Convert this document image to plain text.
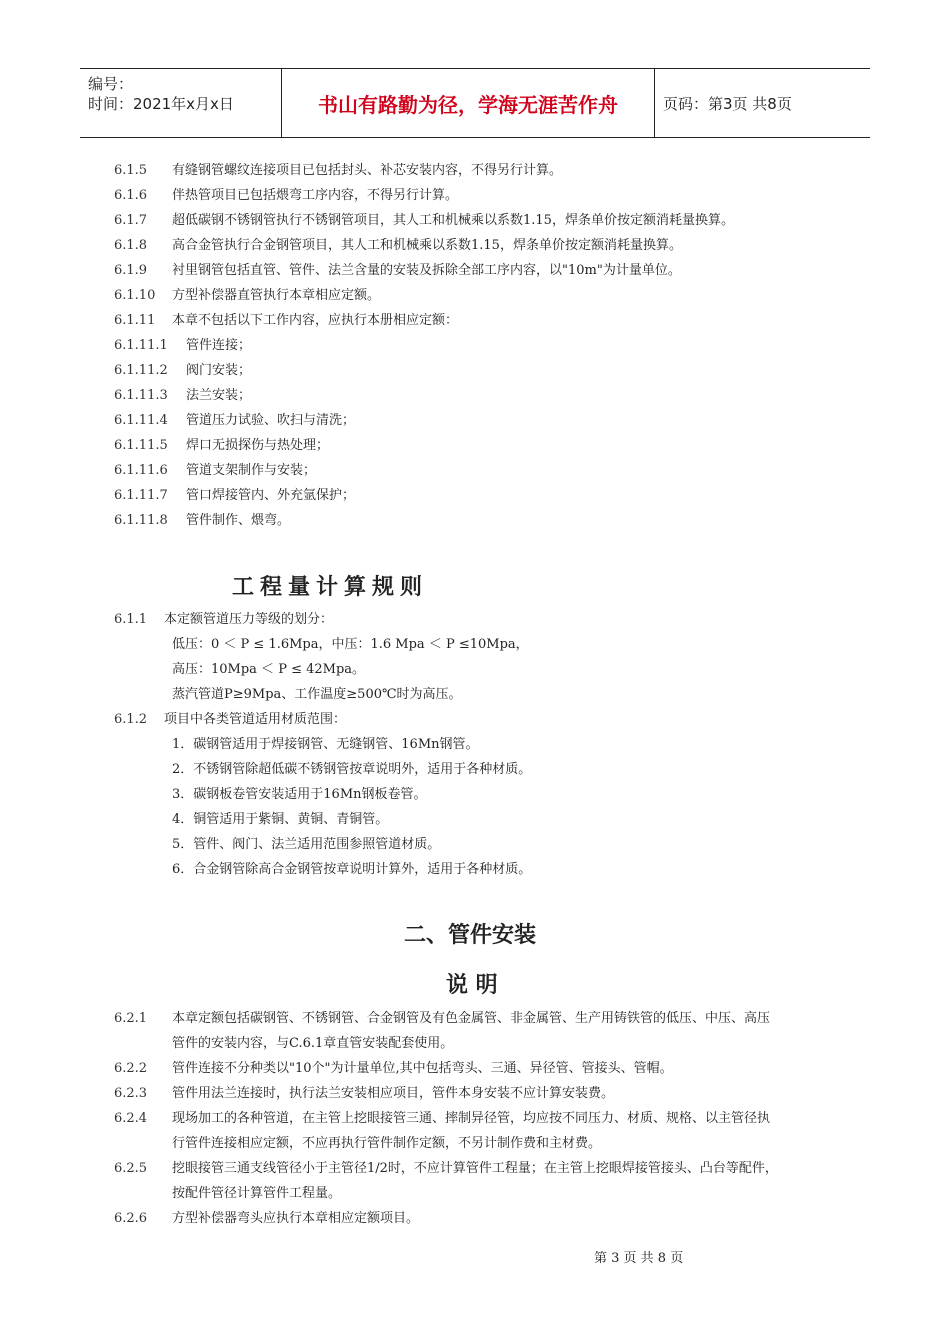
编号：
时间：2021年x月x日	书山有路勤为径，学海无涯苦作舟	页码：第3页 共8页
6.1.5 有缝钢管螺纹连接项目已包括封头、补芯安装内容，不得另行计算。
6.1.6 伴热管项目已包括煨弯工序内容，不得另行计算。
6.1.7 超低碳钢不锈钢管执行不锈钢管项目，其人工和机械乘以系数1.15，焊条单价按定额消耗量换算。
6.1.8 高合金管执行合金钢管项目，其人工和机械乘以系数1.15，焊条单价按定额消耗量换算。
6.1.9 衬里钢管包括直管、管件、法兰含量的安装及拆除全部工序内容，以"10m"为计量单位。
6.1.10 方型补偿器直管执行本章相应定额。
6.1.11 本章不包括以下工作内容，应执行本册相应定额：
6.1.11.1 管件连接；
6.1.11.2 阀门安装；
6.1.11.3 法兰安装；
6.1.11.4 管道压力试验、吹扫与清洗；
6.1.11.5 焊口无损探伤与热处理；
6.1.11.6 管道支架制作与安装；
6.1.11.7 管口焊接管内、外充氩保护；
6.1.11.8 管件制作、煨弯。
工程量计算规则
6.1.1 本定额管道压力等级的划分：
低压：0 ＜ P ≤ 1.6Mpa，中压：1.6 Mpa ＜ P ≤10Mpa，
高压：10Mpa ＜ P ≤ 42Mpa。
蒸汽管道P≥9Mpa、工作温度≥500℃时为高压。
6.1.2 项目中各类管道适用材质范围：
1．碳钢管适用于焊接钢管、无缝钢管、16Mn钢管。
2．不锈钢管除超低碳不锈钢管按章说明外，适用于各种材质。
3．碳钢板卷管安装适用于16Mn钢板卷管。
4．铜管适用于紫铜、黄铜、青铜管。
5．管件、阀门、法兰适用范围参照管道材质。
6．合金钢管除高合金钢管按章说明计算外，适用于各种材质。
二、管件安装
说 明
6.2.1 本章定额包括碳钢管、不锈钢管、合金钢管及有色金属管、非金属管、生产用铸铁管的低压、中压、高压
管件的安装内容，与C.6.1章直管安装配套使用。
6.2.2 管件连接不分种类以"10个"为计量单位,其中包括弯头、三通、异径管、管接头、管帽。
6.2.3 管件用法兰连接时，执行法兰安装相应项目，管件本身安装不应计算安装费。
6.2.4 现场加工的各种管道，在主管上挖眼接管三通、摔制异径管，均应按不同压力、材质、规格、以主管径执
行管件连接相应定额，不应再执行管件制作定额，不另计制作费和主材费。
6.2.5 挖眼接管三通支线管径小于主管径1/2时，不应计算管件工程量；在主管上挖眼焊接管接头、凸台等配件，
按配件管径计算管件工程量。
6.2.6 方型补偿器弯头应执行本章相应定额项目。
第 3 页 共 8 页
